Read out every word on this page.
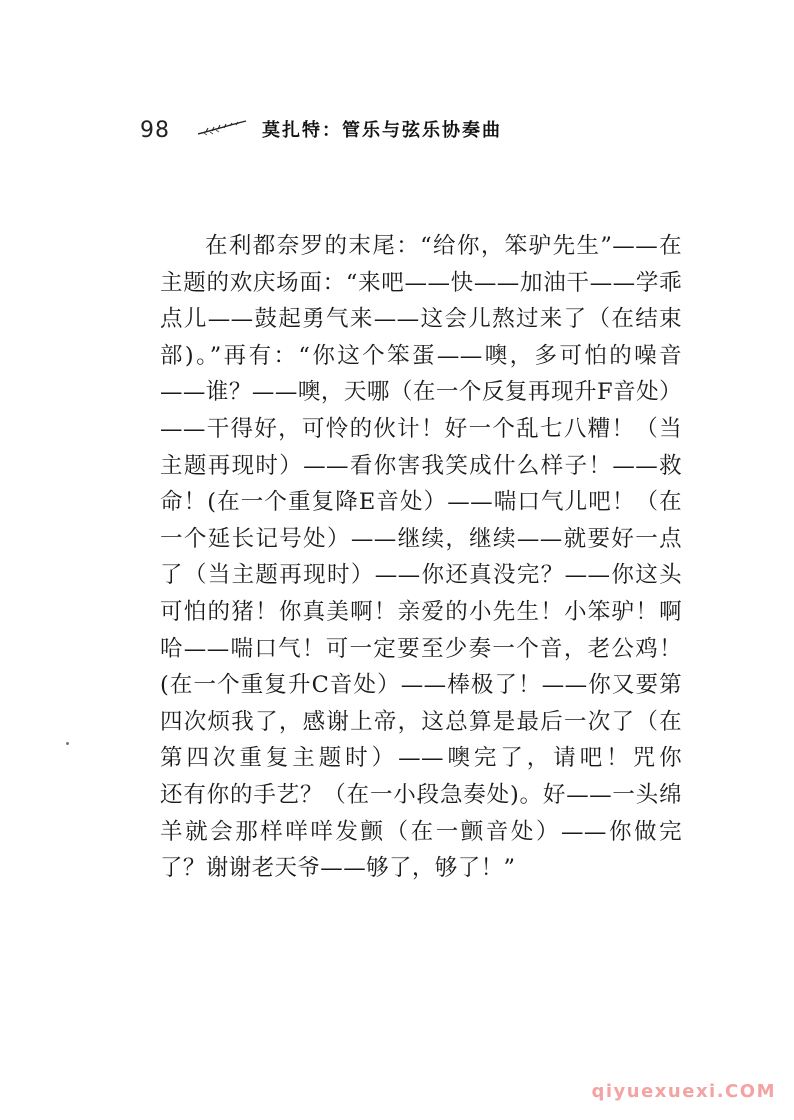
98	莫扎特：管乐与弦乐协奏曲

在利都奈罗的末尾：“给你，笨驴先生”——在主题的欢庆场面：“来吧——快——加油干——学乖点儿——鼓起勇气来——这会儿熬过来了（在结束部)。”再有：“你这个笨蛋——噢，多可怕的噪音——谁？——噢，天哪（在一个反复再现升F音处）——干得好，可怜的伙计！好一个乱七八糟！（当主题再现时）——看你害我笑成什么样子！——救命！(在一个重复降E音处）——喘口气儿吧！（在一个延长记号处）——继续，继续——就要好一点了（当主题再现时）——你还真没完？——你这头可怕的猪！你真美啊！亲爱的小先生！小笨驴！啊哈——喘口气！可一定要至少奏一个音，老公鸡！(在一个重复升C音处）——棒极了！——你又要第四次烦我了，感谢上帝，这总算是最后一次了（在第四次重复主题时）——噢完了，请吧！咒你　　还有你的手艺？（在一小段急奏处)。好——一头绵羊就会那样咩咩发颤（在一颤音处）——你做完了？谢谢老天爷——够了，够了！”

qiyuexuexi.COM
